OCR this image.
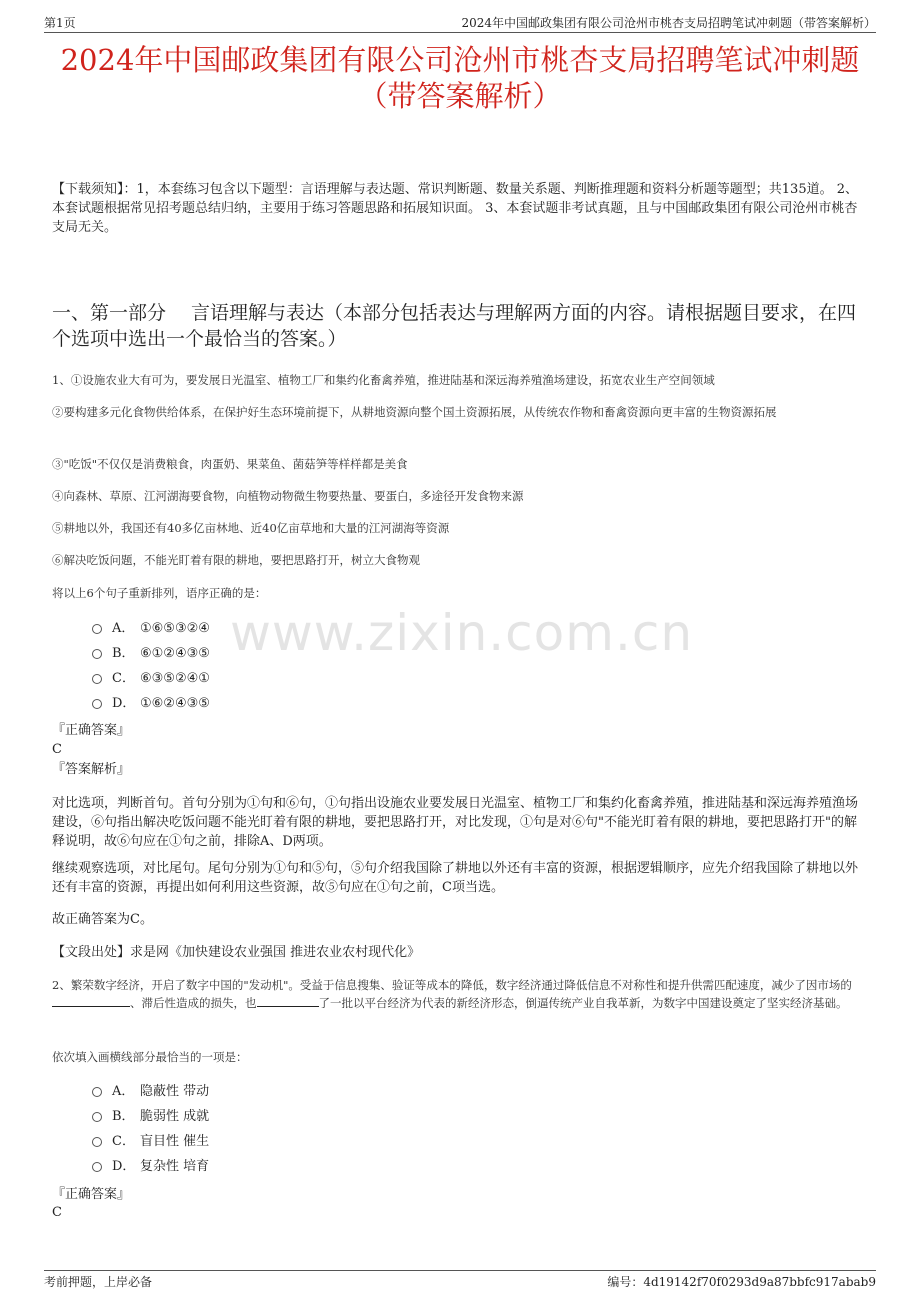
第1页	2024年中国邮政集团有限公司沧州市桃杏支局招聘笔试冲刺题（带答案解析）
2024年中国邮政集团有限公司沧州市桃杏支局招聘笔试冲刺题
（带答案解析）
【下载须知】：1，本套练习包含以下题型：言语理解与表达题、常识判断题、数量关系题、判断推理题和资料分析题等题型；共135道。 2、本套试题根据常见招考题总结归纳，主要用于练习答题思路和拓展知识面。 3、本套试题非考试真题，且与中国邮政集团有限公司沧州市桃杏支局无关。
一、第一部分　 言语理解与表达（本部分包括表达与理解两方面的内容。请根据题目要求，在四个选项中选出一个最恰当的答案。）
www.zixin.com.cn
1、①设施农业大有可为，要发展日光温室、植物工厂和集约化畜禽养殖，推进陆基和深远海养殖渔场建设，拓宽农业生产空间领域
②要构建多元化食物供给体系，在保护好生态环境前提下，从耕地资源向整个国土资源拓展，从传统农作物和畜禽资源向更丰富的生物资源拓展
③"吃饭"不仅仅是消费粮食，肉蛋奶、果菜鱼、菌菇笋等样样都是美食
④向森林、草原、江河湖海要食物，向植物动物微生物要热量、要蛋白，多途径开发食物来源
⑤耕地以外，我国还有40多亿亩林地、近40亿亩草地和大量的江河湖海等资源
⑥解决吃饭问题，不能光盯着有限的耕地，要把思路打开，树立大食物观
将以上6个句子重新排列，语序正确的是：
A． ①⑥⑤③②④
B． ⑥①②④③⑤
C． ⑥③⑤②④①
D． ①⑥②④③⑤
『正确答案』
C
『答案解析』
对比选项，判断首句。首句分别为①句和⑥句，①句指出设施农业要发展日光温室、植物工厂和集约化畜禽养殖，推进陆基和深远海养殖渔场建设，⑥句指出解决吃饭问题不能光盯着有限的耕地，要把思路打开，对比发现，①句是对⑥句"不能光盯着有限的耕地，要把思路打开"的解释说明，故⑥句应在①句之前，排除A、D两项。
继续观察选项，对比尾句。尾句分别为①句和⑤句，⑤句介绍我国除了耕地以外还有丰富的资源，根据逻辑顺序，应先介绍我国除了耕地以外还有丰富的资源，再提出如何利用这些资源，故⑤句应在①句之前，C项当选。
故正确答案为C。
【文段出处】求是网《加快建设农业强国 推进农业农村现代化》
2、繁荣数字经济，开启了数字中国的"发动机"。受益于信息搜集、验证等成本的降低，数字经济通过降低信息不对称性和提升供需匹配速度，减少了因市场的、滞后性造成的损失，也	了一批以平台经济为代表的新经济形态，倒逼传统产业自我革新，为数字中国建设奠定了坚实经济基础。
依次填入画横线部分最恰当的一项是：
A． 隐蔽性 带动
B． 脆弱性 成就
C． 盲目性 催生
D． 复杂性 培育
『正确答案』
C
考前押题，上岸必备	编号：4d19142f70f0293d9a87bbfc917abab9
